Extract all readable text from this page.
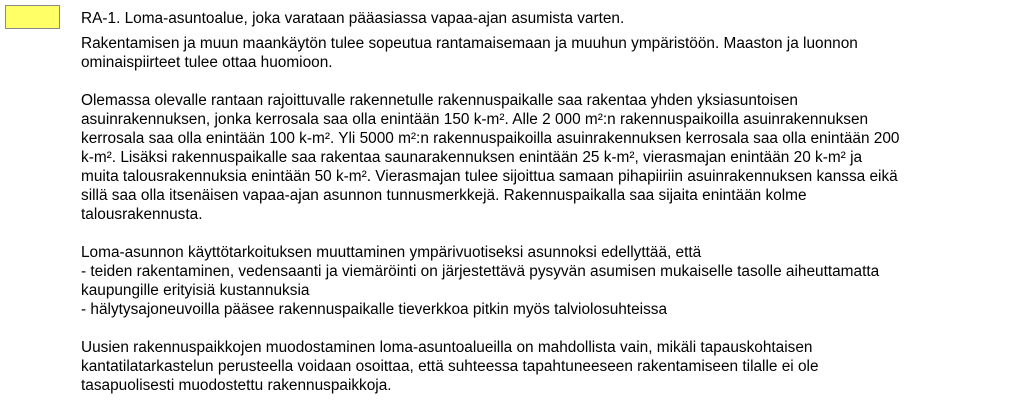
RA-1. Loma-asuntoalue, joka varataan pääasiassa vapaa-ajan asumista varten.
Rakentamisen ja muun maankäytön tulee sopeutua rantamaisemaan ja muuhun ympäristöön. Maaston ja luonnon
ominaispiirteet tulee ottaa huomioon.
Olemassa olevalle rantaan rajoittuvalle rakennetulle rakennuspaikalle saa rakentaa yhden yksiasuntoisen
asuinrakennuksen, jonka kerrosala saa olla enintään 150 k-m². Alle 2 000 m²:n rakennuspaikoilla asuinrakennuksen
kerrosala saa olla enintään 100 k-m². Yli 5000 m²:n rakennuspaikoilla asuinrakennuksen kerrosala saa olla enintään 200
k-m². Lisäksi rakennuspaikalle saa rakentaa saunarakennuksen enintään 25 k-m², vierasmajan enintään 20 k-m² ja
muita talousrakennuksia enintään 50 k-m². Vierasmajan tulee sijoittua samaan pihapiiriin asuinrakennuksen kanssa eikä
sillä saa olla itsenäisen vapaa-ajan asunnon tunnusmerkkejä. Rakennuspaikalla saa sijaita enintään kolme
talousrakennusta.
Loma-asunnon käyttötarkoituksen muuttaminen ympärivuotiseksi asunnoksi edellyttää, että
- teiden rakentaminen, vedensaanti ja viemäröinti on järjestettävä pysyvän asumisen mukaiselle tasolle aiheuttamatta
kaupungille erityisiä kustannuksia
- hälytysajoneuvoilla pääsee rakennuspaikalle tieverkkoa pitkin myös talviolosuhteissa
Uusien rakennuspaikkojen muodostaminen loma-asuntoalueilla on mahdollista vain, mikäli tapauskohtaisen
kantatilatarkastelun perusteella voidaan osoittaa, että suhteessa tapahtuneeseen rakentamiseen tilalle ei ole
tasapuolisesti muodostettu rakennuspaikkoja.
